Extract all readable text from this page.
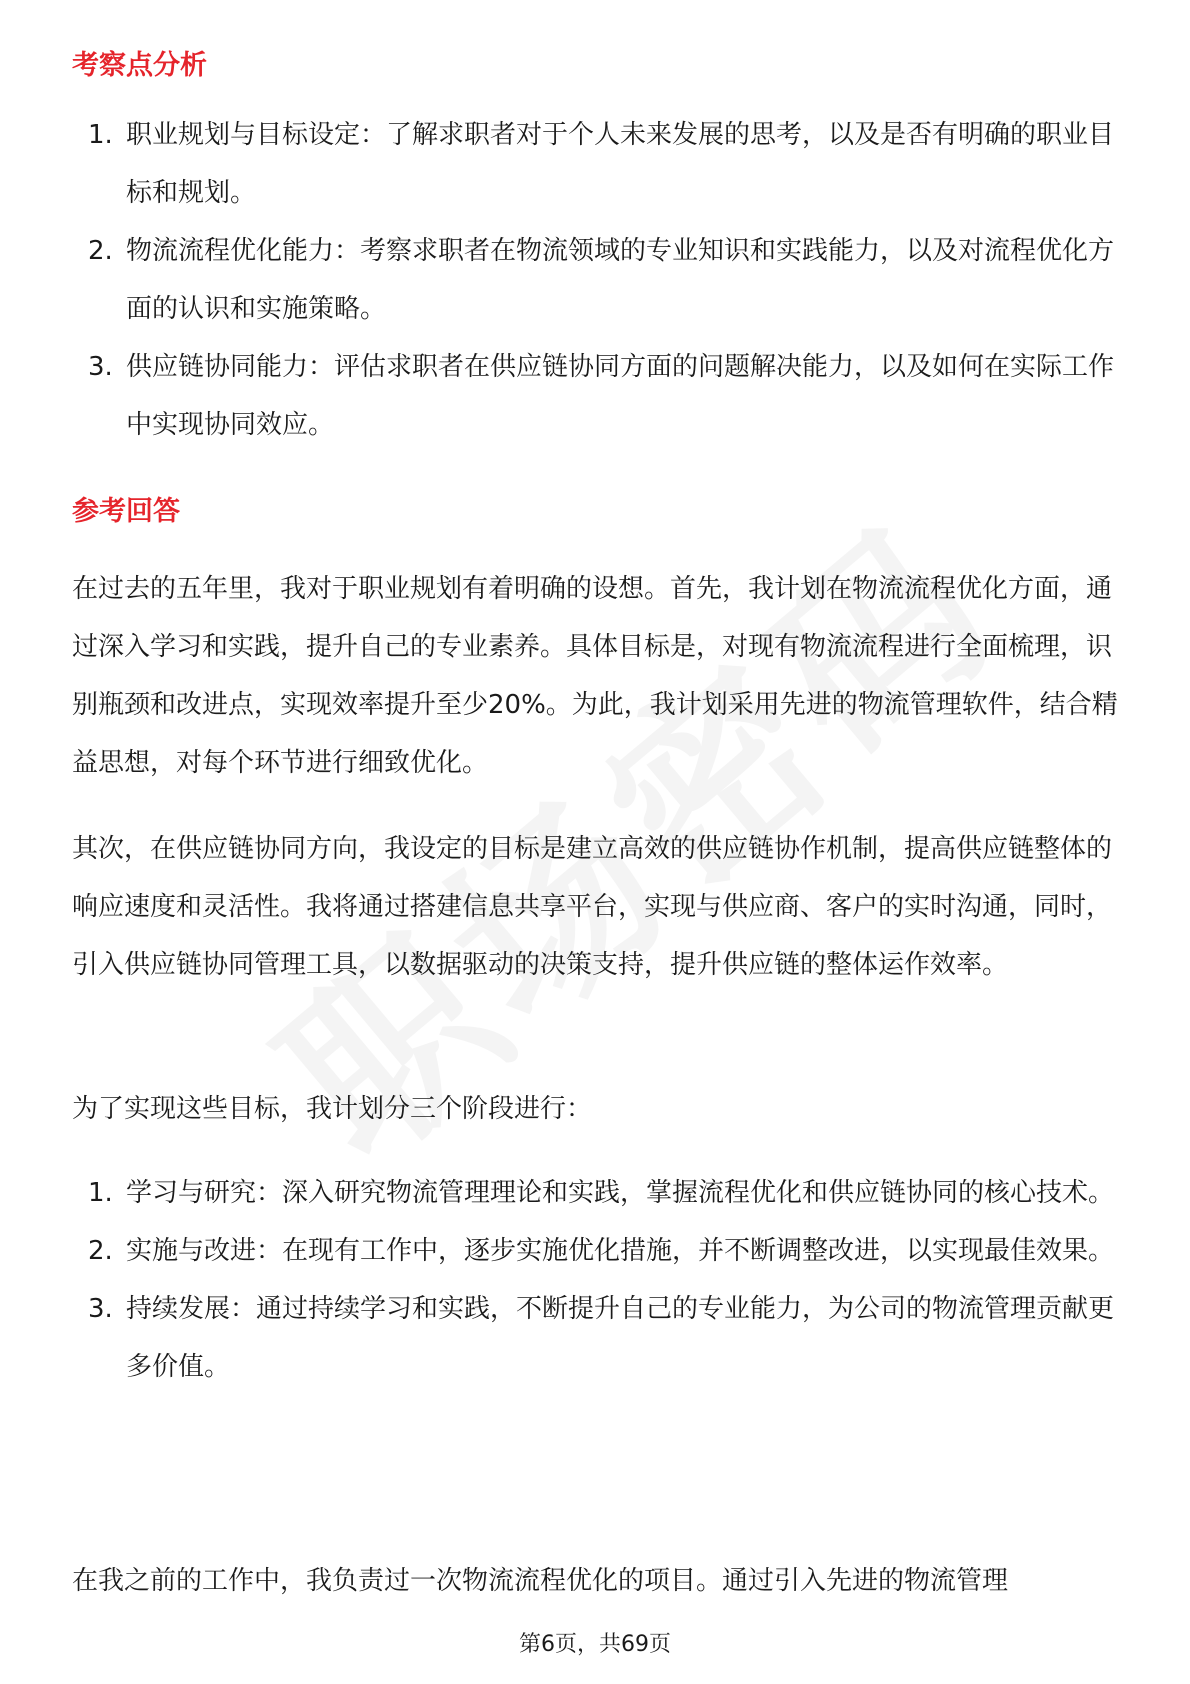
考察点分析
1. 职业规划与目标设定：了解求职者对于个人未来发展的思考，以及是否有明确的职业目标和规划。
2. 物流流程优化能力：考察求职者在物流领域的专业知识和实践能力，以及对流程优化方面的认识和实施策略。
3. 供应链协同能力：评估求职者在供应链协同方面的问题解决能力，以及如何在实际工作中实现协同效应。
参考回答

在过去的五年里，我对于职业规划有着明确的设想。首先，我计划在物流流程优化方面，通过深入学习和实践，提升自己的专业素养。具体目标是，对现有物流流程进行全面梳理，识别瓶颈和改进点，实现效率提升至少20%。为此，我计划采用先进的物流管理软件，结合精益思想，对每个环节进行细致优化。

其次，在供应链协同方向，我设定的目标是建立高效的供应链协作机制，提高供应链整体的响应速度和灵活性。我将通过搭建信息共享平台，实现与供应商、客户的实时沟通，同时，引入供应链协同管理工具，以数据驱动的决策支持，提升供应链的整体运作效率。

为了实现这些目标，我计划分三个阶段进行：

1. 学习与研究：深入研究物流管理理论和实践，掌握流程优化和供应链协同的核心技术。
2. 实施与改进：在现有工作中，逐步实施优化措施，并不断调整改进，以实现最佳效果。
3. 持续发展：通过持续学习和实践，不断提升自己的专业能力，为公司的物流管理贡献更多价值。

在我之前的工作中，我负责过一次物流流程优化的项目。通过引入先进的物流管理

第6页，共69页
